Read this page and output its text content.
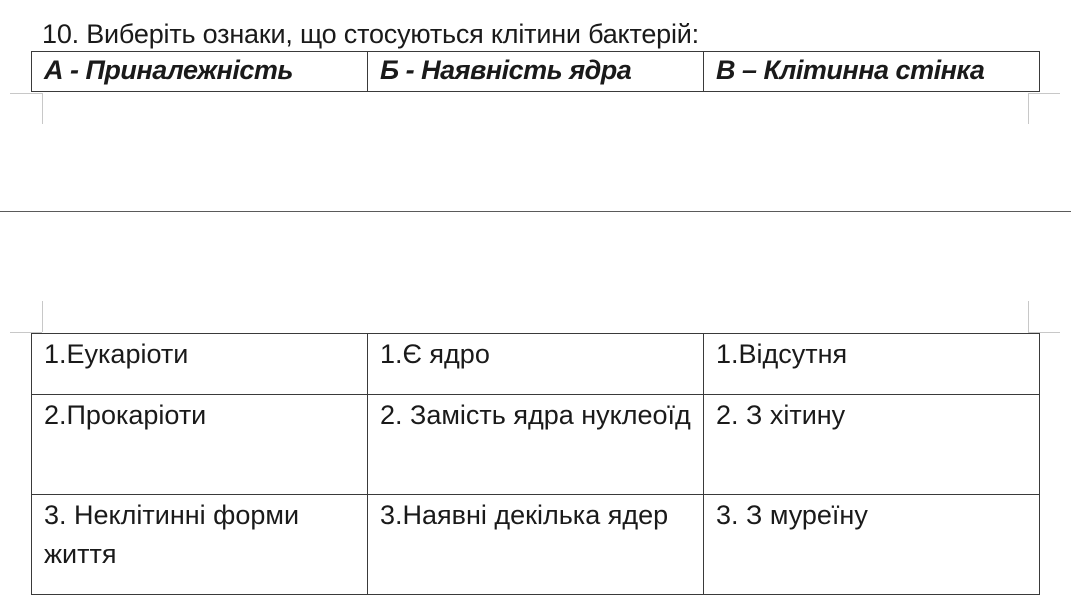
10. Виберіть ознаки, що стосуються клітини бактерій:
А - Приналежність	Б - Наявність ядра	В – Клітинна стінка
1.Еукаріоти	1.Є ядро	1.Відсутня
2.Прокаріоти	2. Замість ядра нуклеоїд	2. З хітину
3. Неклітинні форми життя	3.Наявні декілька ядер	3. З муреїну
